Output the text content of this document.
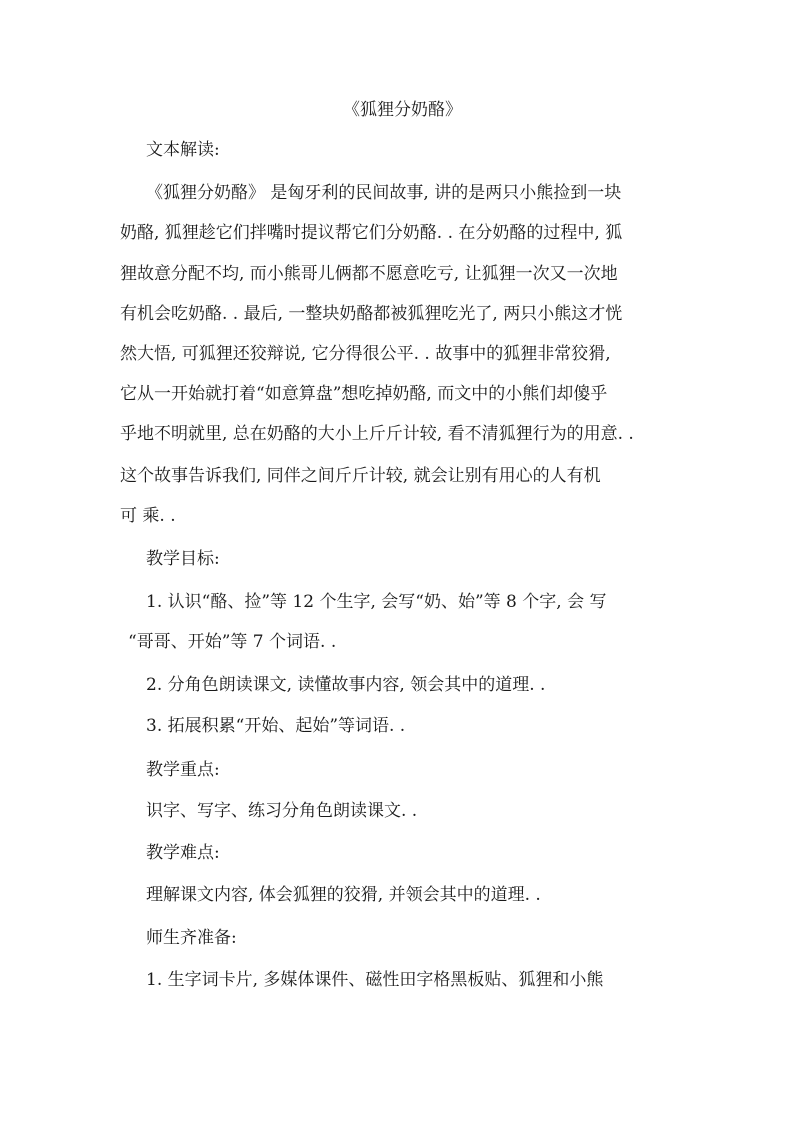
《狐狸分奶酪》
文本解读:
《狐狸分奶酪》 是匈牙利的民间故事, 讲的是两只小熊捡到一块
奶酪, 狐狸趁它们拌嘴时提议帮它们分奶酪. . 在分奶酪的过程中, 狐
狸故意分配不均, 而小熊哥儿俩都不愿意吃亏, 让狐狸一次又一次地
有机会吃奶酪. . 最后, 一整块奶酪都被狐狸吃光了, 两只小熊这才恍
然大悟, 可狐狸还狡辩说, 它分得很公平. . 故事中的狐狸非常狡猾,
它从一开始就打着“如意算盘”想吃掉奶酪, 而文中的小熊们却傻乎
乎地不明就里, 总在奶酪的大小上斤斤计较, 看不清狐狸行为的用意. .
这个故事告诉我们, 同伴之间斤斤计较, 就会让别有用心的人有机
可 乘. .
教学目标:
1. 认识“酪、捡”等 12 个生字, 会写“奶、始”等 8 个字, 会 写
“哥哥、开始”等 7 个词语. .
2. 分角色朗读课文, 读懂故事内容, 领会其中的道理. .
3. 拓展积累“开始、起始”等词语. .
教学重点:
识字、写字、练习分角色朗读课文. .
教学难点:
理解课文内容, 体会狐狸的狡猾, 并领会其中的道理. .
师生齐准备:
1. 生字词卡片, 多媒体课件、磁性田字格黑板贴、狐狸和小熊
